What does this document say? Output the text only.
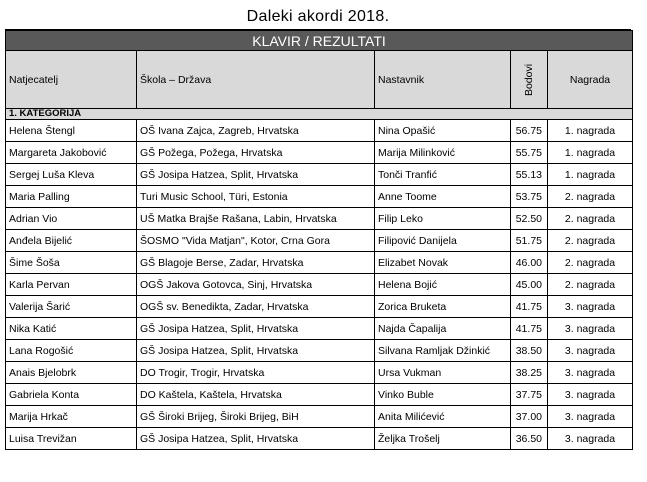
Daleki akordi 2018.
KLAVIR / REZULTATI				
Natjecatelj	Škola – Država	Nastavnik	Bodovi	Nagrada
1. KATEGORIJA				
Helena Štengl	OŠ Ivana Zajca, Zagreb, Hrvatska	Nina Opašić	56.75	1. nagrada
Margareta Jakobović	GŠ Požega, Požega, Hrvatska	Marija Milinković	55.75	1. nagrada
Sergej Luša Kleva	GŠ Josipa Hatzea, Split, Hrvatska	Tonči Tranfić	55.13	1. nagrada
Maria Palling	Turi Music School, Türi, Estonia	Anne Toome	53.75	2. nagrada
Adrian Vio	UŠ Matka Brajše Rašana, Labin, Hrvatska	Filip Leko	52.50	2. nagrada
Anđela Bijelić	ŠOSMO "Vida Matjan", Kotor, Crna Gora	Filipović Danijela	51.75	2. nagrada
Šime Šoša	GŠ Blagoje Berse, Zadar, Hrvatska	Elizabet Novak	46.00	2. nagrada
Karla Pervan	OGŠ Jakova Gotovca, Sinj, Hrvatska	Helena Bojić	45.00	2. nagrada
Valerija Šarić	OGŠ sv. Benedikta, Zadar, Hrvatska	Zorica Bruketa	41.75	3. nagrada
Nika Katić	GŠ Josipa Hatzea, Split, Hrvatska	Najda Čapalija	41.75	3. nagrada
Lana Rogošić	GŠ Josipa Hatzea, Split, Hrvatska	Silvana Ramljak Džinkić	38.50	3. nagrada
Anais Bjelobrk	DO Trogir, Trogir, Hrvatska	Ursa Vukman	38.25	3. nagrada
Gabriela Konta	DO Kaštela, Kaštela, Hrvatska	Vinko Buble	37.75	3. nagrada
Marija Hrkač	GŠ Široki Brijeg, Široki Brijeg, BiH	Anita Milićević	37.00	3. nagrada
Luisa Trevižan	GŠ Josipa Hatzea, Split, Hrvatska	Željka Trošelj	36.50	3. nagrada
